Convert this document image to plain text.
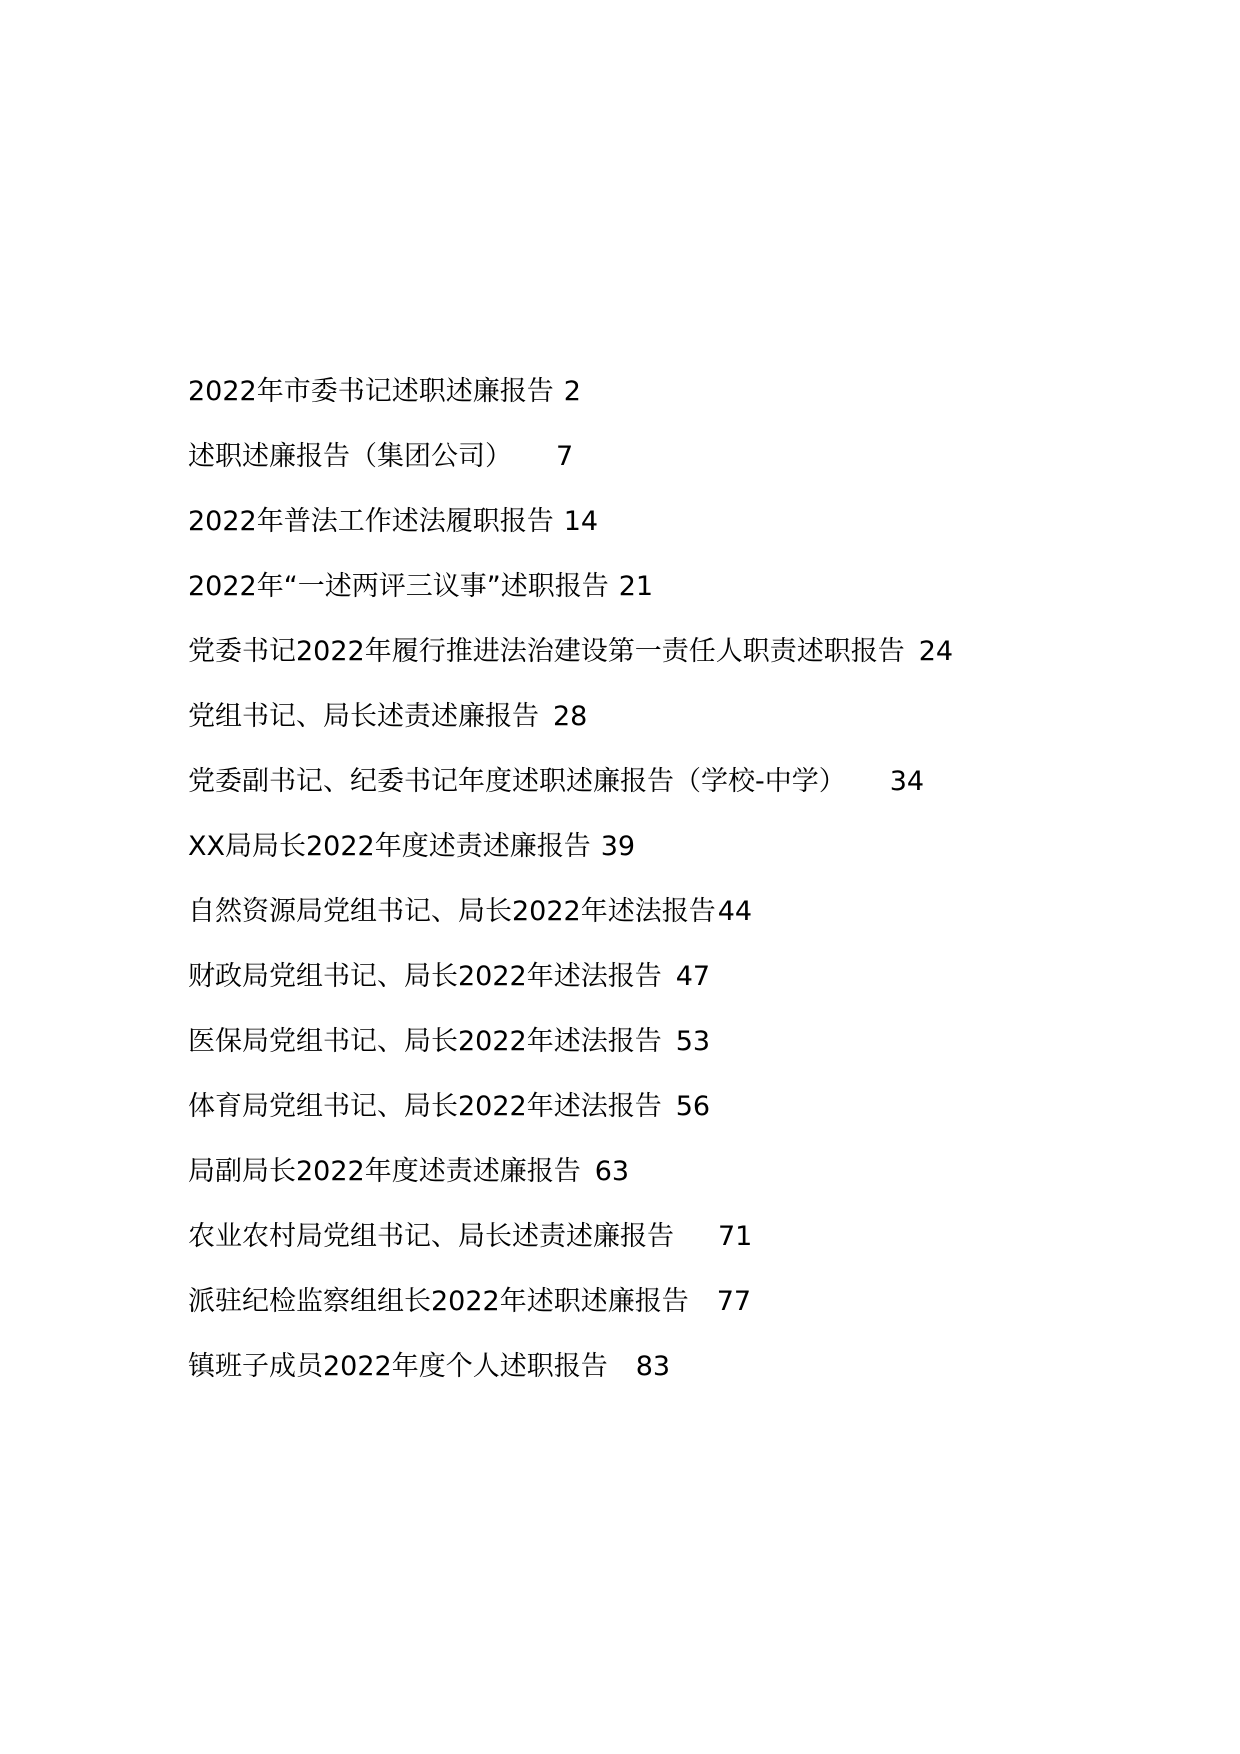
2022年市委书记述职述廉报告 2
述职述廉报告（集团公司） 7
2022年普法工作述法履职报告 14
2022年“一述两评三议事”述职报告 21
党委书记2022年履行推进法治建设第一责任人职责述职报告 24
党组书记、局长述责述廉报告 28
党委副书记、纪委书记年度述职述廉报告（学校-中学） 34
XX局局长2022年度述责述廉报告 39
自然资源局党组书记、局长2022年述法报告44
财政局党组书记、局长2022年述法报告 47
医保局党组书记、局长2022年述法报告 53
体育局党组书记、局长2022年述法报告 56
局副局长2022年度述责述廉报告 63
农业农村局党组书记、局长述责述廉报告 71
派驻纪检监察组组长2022年述职述廉报告 77
镇班子成员2022年度个人述职报告 83
